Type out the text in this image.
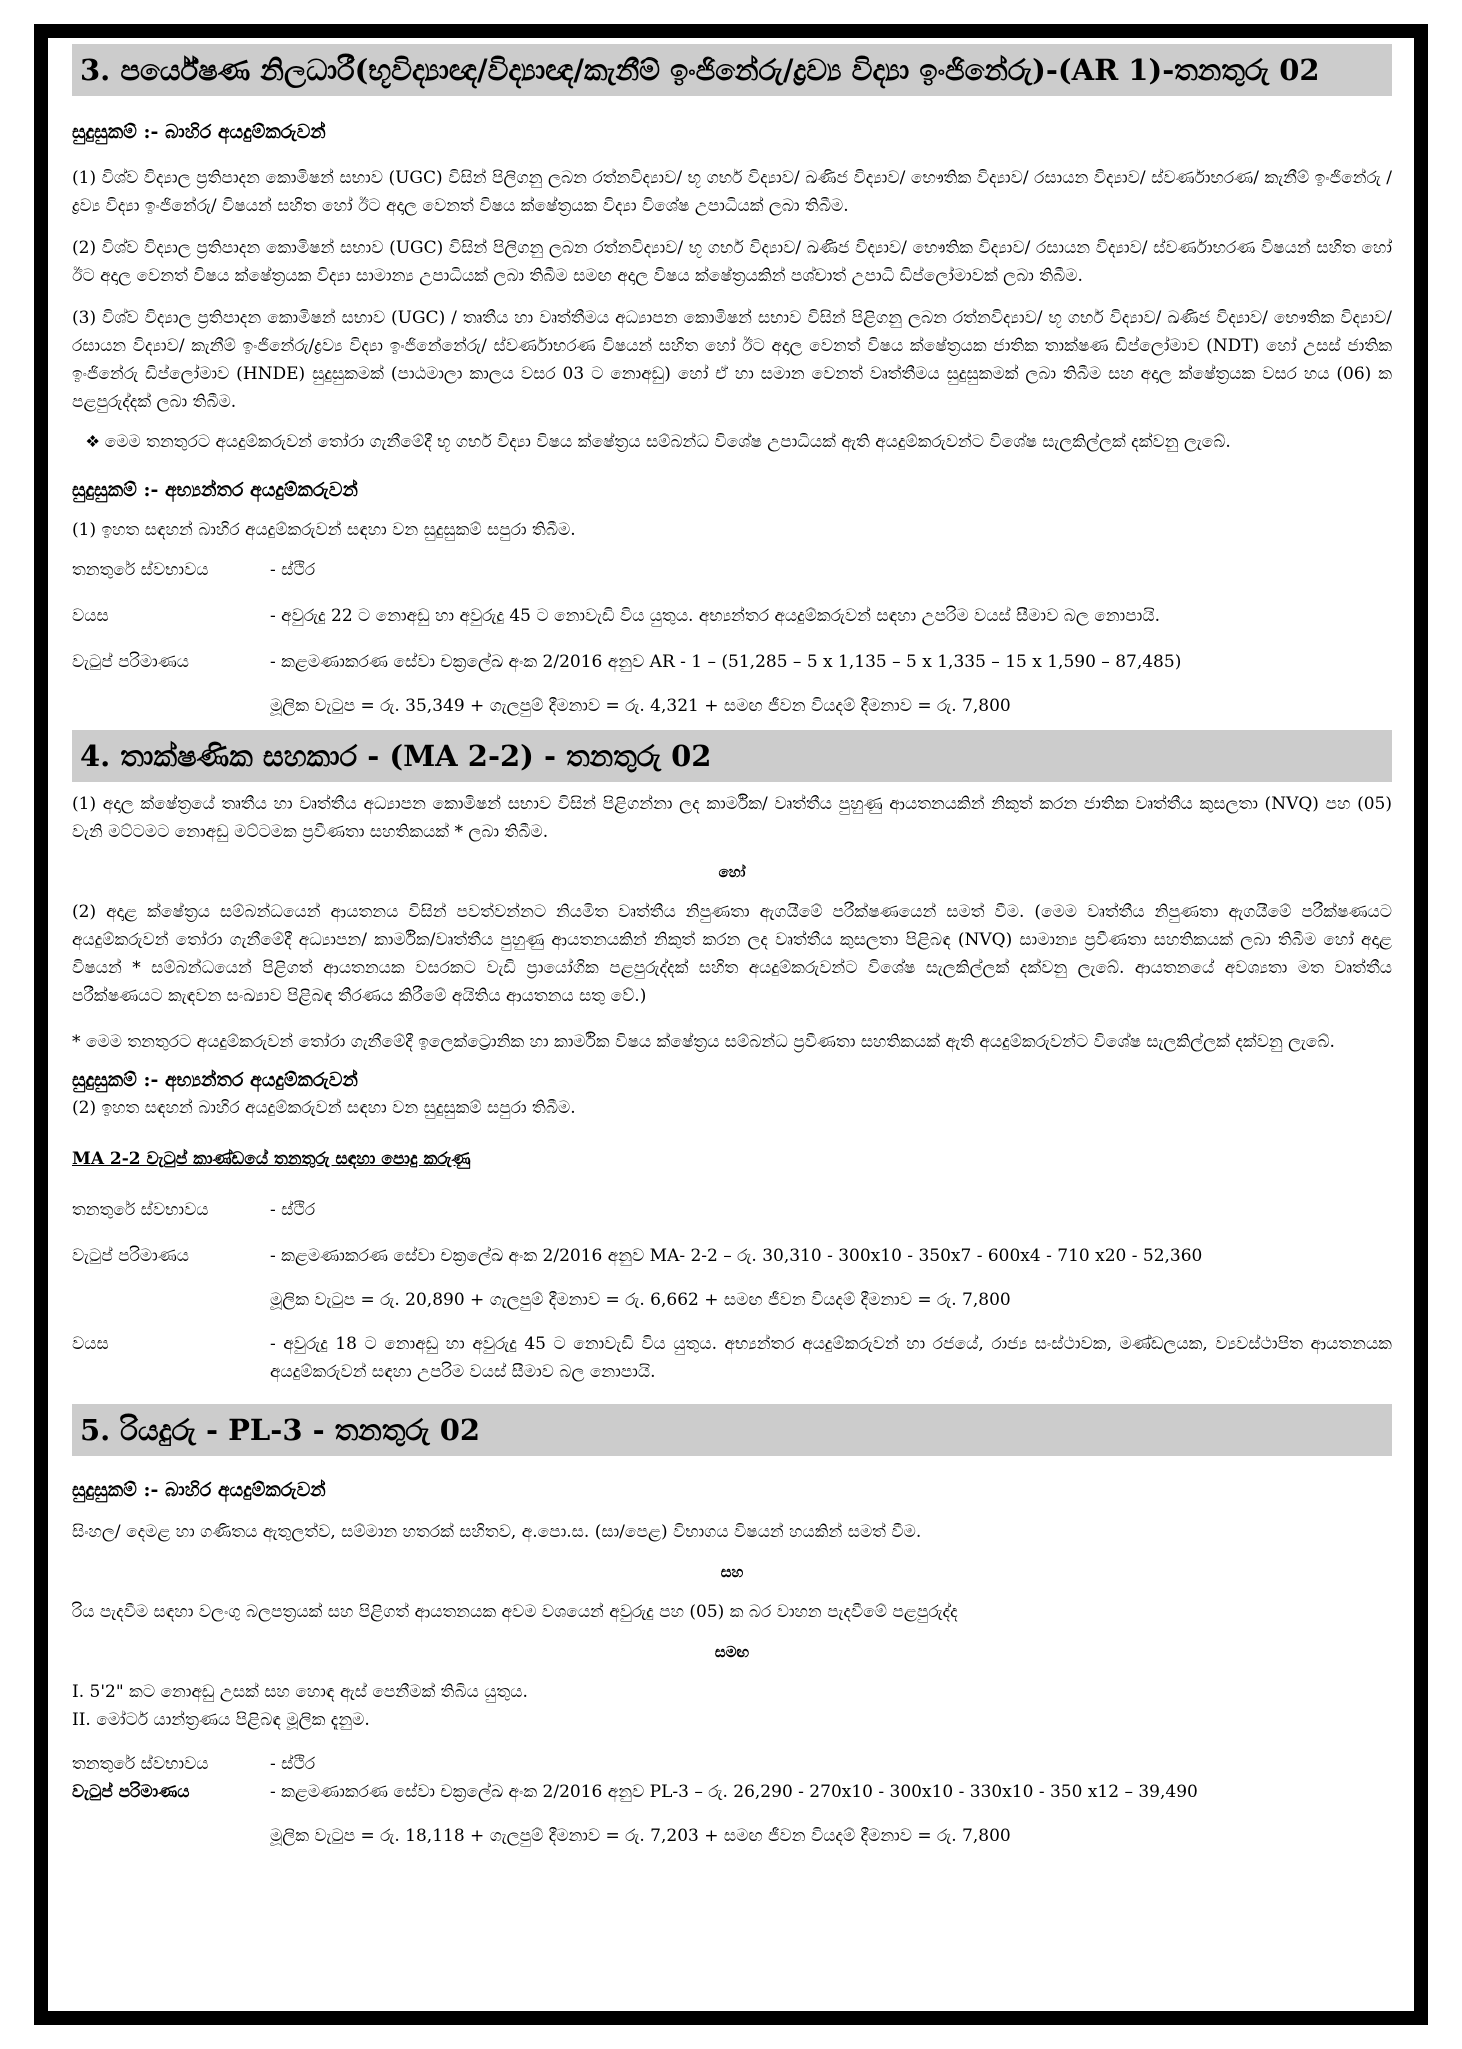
3. පර්යේෂණ නිලධාරී(භූවිද්‍යාඥ/විද්‍යාඥ/කැනීම් ඉංජිනේරු/ද්‍රව්‍ය විද්‍යා ඉංජිනේරු)-(AR 1)-තනතුරු 02

සුදුසුකම් :- බාහිර අයදුම්කරුවන්

(1) විශ්ව විද්‍යාල ප්‍රතිපාදන කොමිෂන් සභාව (UGC) විසින් පිලිගනු ලබන රත්නවිද්‍යාව/ භූ ගර්භ විද්‍යාව/ ඛණිජ විද්‍යාව/ භෞතික විද්‍යාව/ රසායන විද්‍යාව/ ස්වර්ණාභරණ/ කැනීම් ඉංජිනේරු / ද්‍රව්‍ය විද්‍යා ඉංජිනේරු/ විෂයන් සහිත හෝ ඊට අදාල වෙනත් විෂය ක්ෂේත්‍රයක විද්‍යා විශේෂ උපාධියක් ලබා තිබීම.

(2) විශ්ව විද්‍යාල ප්‍රතිපාදන කොමිෂන් සභාව (UGC) විසින් පිලිගනු ලබන රත්නවිද්‍යාව/ භූ ගර්භ විද්‍යාව/ ඛණිජ විද්‍යාව/ භෞතික විද්‍යාව/ රසායන විද්‍යාව/ ස්වර්ණාභරණ විෂයන් සහිත හෝ ඊට අදාල වෙනත් විෂය ක්ෂේත්‍රයක විද්‍යා සාමාන්‍ය උපාධියක් ලබා තිබීම සමඟ අදාල විෂය ක්ෂේත්‍රයකින් පශ්චාත් උපාධි ඩිප්ලෝමාවක් ලබා තිබීම.

(3) විශ්ව විද්‍යාල ප්‍රතිපාදන කොමිෂන් සභාව (UGC) / තෘතීය හා වෘත්තීමය අධ්‍යාපන කොමිෂන් සභාව විසින් පිළිගනු ලබන රත්නවිද්‍යාව/ භූ ගර්භ විද්‍යාව/ ඛණිජ විද්‍යාව/ භෞතික විද්‍යාව/ රසායන විද්‍යාව/ කැනීම් ඉංජිනේරු/ද්‍රව්‍ය විද්‍යා ඉංජිනේනේරු/ ස්වර්ණාභරණ විෂයන් සහිත හෝ ඊට අදාල වෙනත් විෂය ක්ෂේත්‍රයක ජාතික තාක්ෂණ ඩිප්ලෝමාව (NDT) හෝ උසස් ජාතික ඉංජිනේරු ඩිප්ලෝමාව (HNDE) සුදුසුකමක් (පාඨමාලා කාලය වසර 03 ට නොඅඩු) හෝ ඒ හා සමාන වෙනත් වෘත්තීමය සුදුසුකමක් ලබා තිබීම සහ අදාල ක්ෂේත්‍රයක වසර හය (06) ක පළපුරුද්දක් ලබා තිබීම.

❖ මෙම තනතුරට අයදුම්කරුවන් තෝරා ගැනීමේදී භූ ගර්භ විද්‍යා විෂය ක්ෂේත්‍රය සම්බන්ධ විශේෂ උපාධියක් ඇති අයදුම්කරුවන්ට විශේෂ සැලකිල්ලක් දක්වනු ලැබේ.

සුදුසුකම් :- අභ්‍යන්තර අයදුම්කරුවන්

(1) ඉහත සඳහන් බාහිර අයදුම්කරුවන් සඳහා වන සුදුසුකම් සපුරා තිබීම.

තනතුරේ ස්වභාවය	- ස්ථිර
වයස	- අවුරුදු 22 ට නොඅඩු හා අවුරුදු 45 ට නොවැඩි විය යුතුය. අභ්‍යන්තර අයදුම්කරුවන් සඳහා උපරිම වයස් සීමාව බල නොපායි.
වැටුප් පරිමාණය	- කළමණාකරණ සේවා චක්‍රලේඛ අංක 2/2016 අනුව AR - 1 – (51,285 – 5 x 1,135 – 5 x 1,335 – 15 x 1,590 – 87,485)

මූලික වැටුප = රු. 35,349 + ගැලපුම් දීමනාව = රු. 4,321 + සමඟ ජීවන වියදම් දීමනාව = රු. 7,800

4. තාක්ෂණික සහකාර - (MA 2-2) - තනතුරු 02

(1) අදාල ක්ෂේත්‍රයේ තෘතීය හා වෘත්තීය අධ්‍යාපන කොමිෂන් සභාව විසින් පිළිගන්නා ලද කාර්මික/ වෘත්තීය පුහුණු ආයතනයකින් නිකුත් කරන ජාතික වෘත්තීය කුසලතා (NVQ) පහ (05) වැනි මට්ටමට නොඅඩු මට්ටමක ප්‍රවීණතා සහතිකයක් * ලබා තිබීම.

හෝ

(2) අදාළ ක්ෂේත්‍රය සම්බන්ධයෙන් ආයතනය විසින් පවත්වන්නට නියමිත වෘත්තීය නිපුණතා ඇගයීමේ පරීක්ෂණයෙන් සමත් වීම. (මෙම වෘත්තීය නිපුණතා ඇගයීමේ පරීක්ෂණයට අයදුම්කරුවන් තෝරා ගැනීමේදී අධ්‍යාපන/ කාර්මික/වෘත්තීය පුහුණු ආයතනයකින් නිකුත් කරන ලද වෘත්තීය කුසලතා පිළිබඳ (NVQ) සාමාන්‍ය ප්‍රවීණතා සහතිකයක් ලබා තිබීම හෝ අදාළ විෂයන් * සම්බන්ධයෙන් පිළිගත් ආයතනයක වසරකට වැඩි ප්‍රායෝගික පළපුරුද්දක් සහිත අයදුම්කරුවන්ට විශේෂ සැලකිල්ලක් දක්වනු ලැබේ. ආයතනයේ අවශ්‍යතා මත වෘත්තීය පරීක්ෂණයට කැඳවන සංඛ්‍යාව පිළිබඳ තීරණය කිරීමේ අයිතිය ආයතනය සතු වේ.)

* මෙම තනතුරට අයදුම්කරුවන් තෝරා ගැනීමේදී ඉලෙක්ට්‍රොනික හා කාර්මික විෂය ක්ෂේත්‍රය සම්බන්ධ ප්‍රවීණතා සහතිකයක් ඇති අයදුම්කරුවන්ට විශේෂ සැලකිල්ලක් දක්වනු ලැබේ.

සුදුසුකම් :- අභ්‍යන්තර අයදුම්කරුවන්

(2) ඉහත සඳහන් බාහිර අයදුම්කරුවන් සඳහා වන සුදුසුකම් සපුරා තිබීම.

MA 2-2 වැටුප් කාණ්ඩයේ තනතුරු සඳහා පොදු කරුණු

තනතුරේ ස්වභාවය	- ස්ථිර
වැටුප් පරිමාණය	- කළමණාකරණ සේවා චක්‍රලේඛ අංක 2/2016 අනුව MA- 2-2 – රු. 30,310 - 300x10 - 350x7 - 600x4 - 710 x20 - 52,360

මූලික වැටුප = රු. 20,890 + ගැලපුම් දීමනාව = රු. 6,662 + සමඟ ජීවන වියදම් දීමනාව = රු. 7,800

වයස	- අවුරුදු 18 ට නොඅඩු හා අවුරුදු 45 ට නොවැඩි විය යුතුය. අභ්‍යන්තර අයදුම්කරුවන් හා රජයේ, රාජ්‍ය සංස්ථාවක, මණ්ඩලයක, ව්‍යවස්ථාපිත ආයතනයක අයදුම්කරුවන් සඳහා උපරිම වයස් සීමාව බල නොපායි.
5. රියදුරු - PL-3 - තනතුරු 02

සුදුසුකම් :- බාහිර අයදුම්කරුවන්

සිංහල/ දෙමළ හා ගණිතය ඇතුලත්ව, සම්මාන හතරක් සහිතව, අ.පො.ස. (සා/පෙළ) විභාගය විෂයන් හයකින් සමත් වීම.

සහ

රිය පැදවීම සඳහා වලංගු බලපත්‍රයක් සහ පිළිගත් ආයතනයක අවම වශයෙන් අවුරුදු පහ (05) ක බර වාහන පැදවීමේ පළපුරුද්ද

සමඟ

I. 5'2" කට නොඅඩු උසක් සහ හොඳ ඇස් පෙනීමක් තිබිය යුතුය.

II. මෝටර් යාන්ත්‍රණය පිළිබඳ මූලික දැනුම.

තනතුරේ ස්වභාවය	- ස්ථිර
වැටුප් පරිමාණය	- කළමණාකරණ සේවා චක්‍රලේඛ අංක 2/2016 අනුව PL-3 – රු. 26,290 - 270x10 - 300x10 - 330x10 - 350 x12 – 39,490

මූලික වැටුප = රු. 18,118 + ගැලපුම් දීමනාව = රු. 7,203 + සමඟ ජීවන වියදම් දීමනාව = රු. 7,800
